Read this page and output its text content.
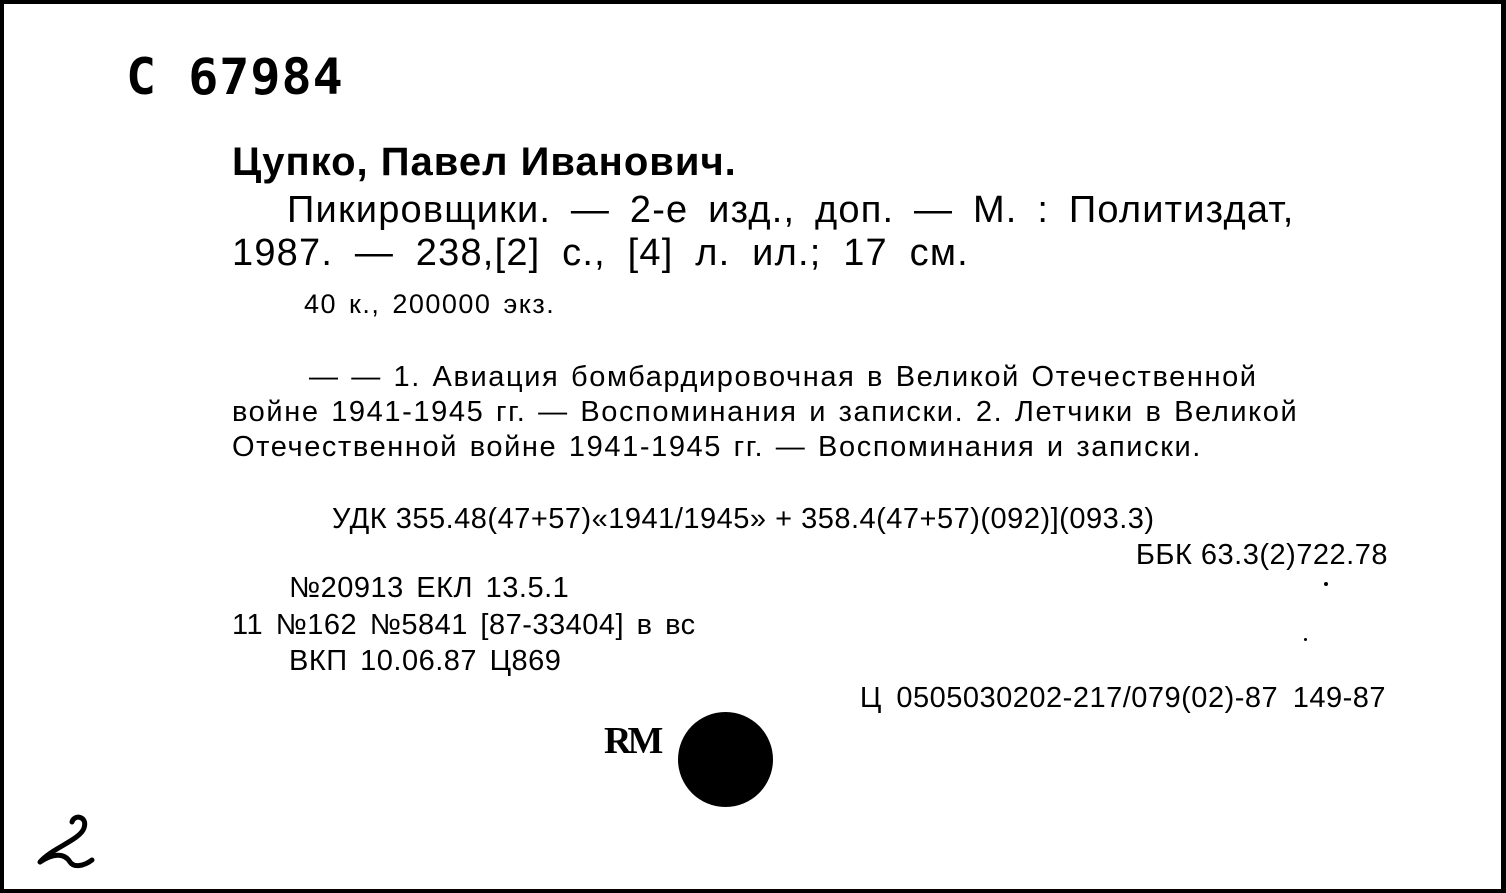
С 67984
Цупко, Павел Иванович.
Пикировщики. — 2-е изд., доп. — М. : Политиздат,
1987. — 238,[2] с., [4] л. ил.; 17 см.
40 к., 200000 экз.
— — 1. Авиация бомбардировочная в Великой Отечественной
войне 1941-1945 гг. — Воспоминания и записки. 2. Летчики в Великой
Отечественной войне 1941-1945 гг. — Воспоминания и записки.
УДК 355.48(47+57)«1941/1945» + 358.4(47+57)(092)](093.3)
ББК 63.3(2)722.78
№20913 ЕКЛ 13.5.1
11 №162 №5841 [87-33404] в вс
ВКП 10.06.87 Ц869
Ц 0505030202-217/079(02)-87 149-87
RM
